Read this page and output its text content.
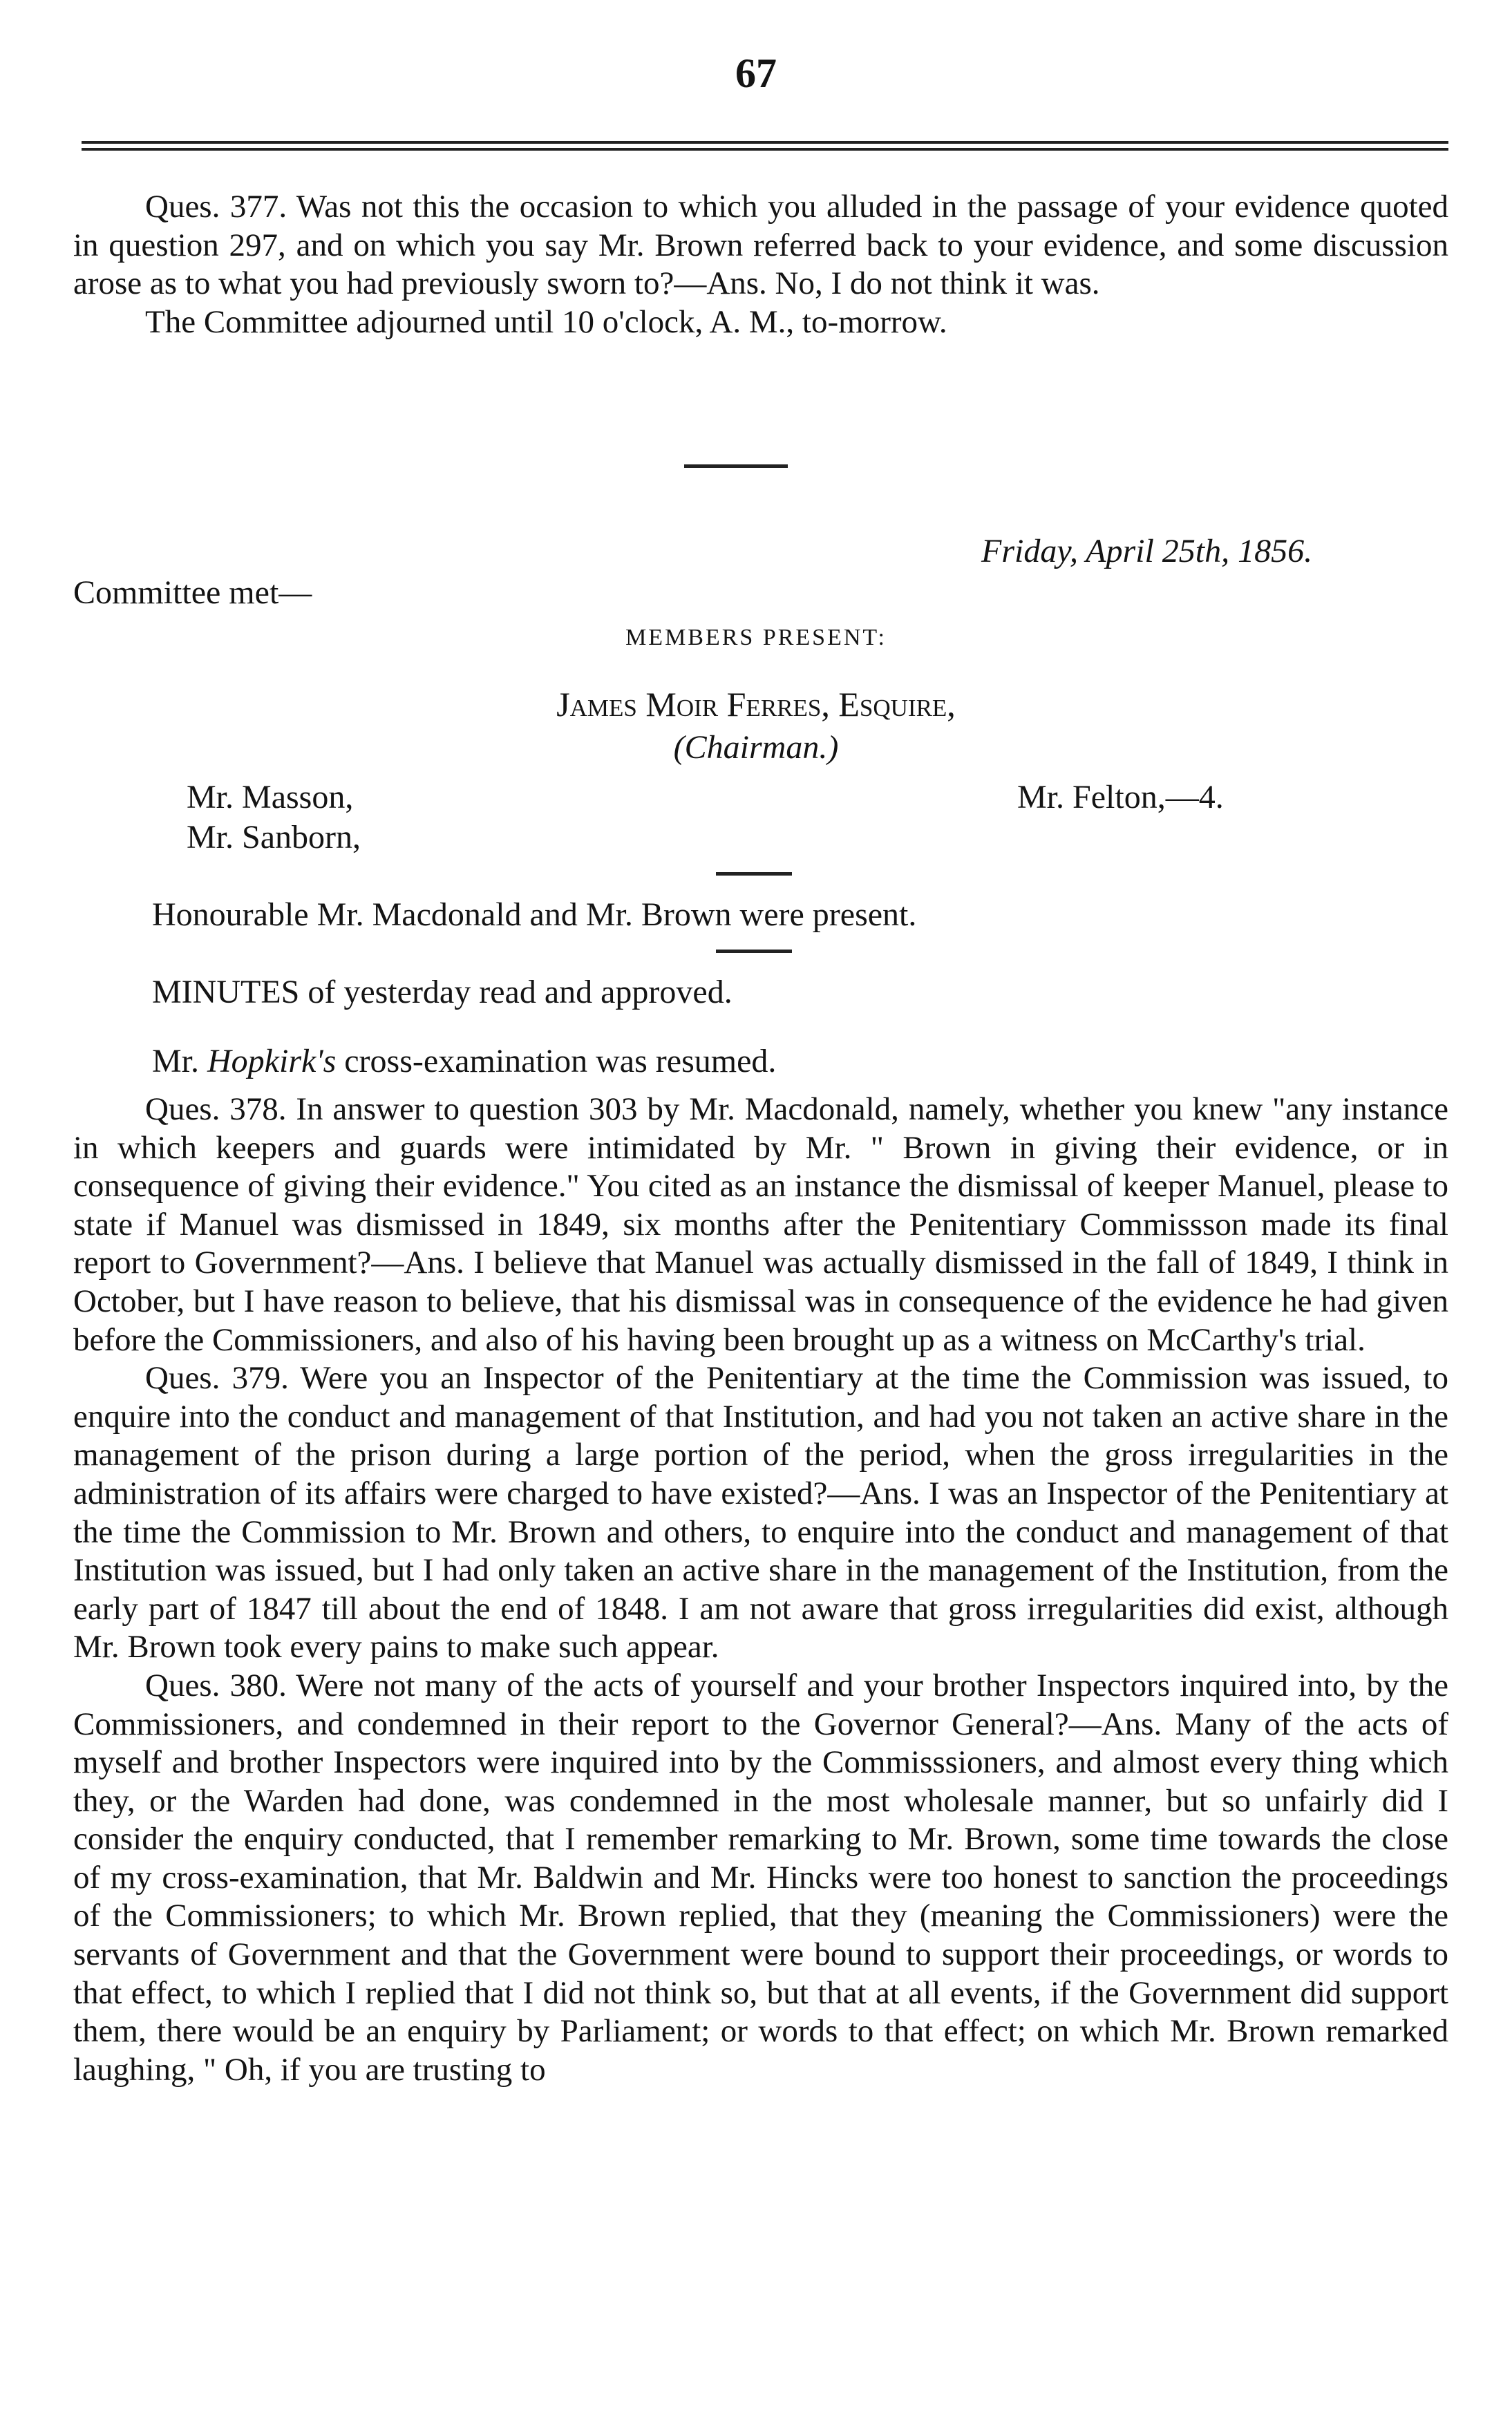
67

Ques. 377. Was not this the occasion to which you alluded in the passage of your evidence quoted in question 297, and on which you say Mr. Brown referred back to your evidence, and some discussion arose as to what you had previously sworn to?—Ans. No, I do not think it was.

The Committee adjourned until 10 o'clock, A. M., to-morrow.

Friday, April 25th, 1856.
Committee met—
MEMBERS PRESENT:
James Moir Ferres, Esquire,
(Chairman.)
Mr. Masson,	Mr. Felton,—4.
Mr. Sanborn,
Honourable Mr. Macdonald and Mr. Brown were present.
MINUTES of yesterday read and approved.
Mr. Hopkirk's cross-examination was resumed.

Ques. 378. In answer to question 303 by Mr. Macdonald, namely, whether you knew "any instance in which keepers and guards were intimidated by Mr. " Brown in giving their evidence, or in consequence of giving their evidence." You cited as an instance the dismissal of keeper Manuel, please to state if Manuel was dismissed in 1849, six months after the Penitentiary Commissson made its final report to Government?—Ans. I believe that Manuel was actually dismissed in the fall of 1849, I think in October, but I have reason to believe, that his dismissal was in consequence of the evidence he had given before the Commissioners, and also of his having been brought up as a witness on McCarthy's trial.

Ques. 379. Were you an Inspector of the Penitentiary at the time the Commission was issued, to enquire into the conduct and management of that Institution, and had you not taken an active share in the management of the prison during a large portion of the period, when the gross irregularities in the administration of its affairs were charged to have existed?—Ans. I was an Inspector of the Penitentiary at the time the Commission to Mr. Brown and others, to enquire into the conduct and management of that Institution was issued, but I had only taken an active share in the management of the Institution, from the early part of 1847 till about the end of 1848. I am not aware that gross irregularities did exist, although Mr. Brown took every pains to make such appear.

Ques. 380. Were not many of the acts of yourself and your brother Inspectors inquired into, by the Commissioners, and condemned in their report to the Governor General?—Ans. Many of the acts of myself and brother Inspectors were inquired into by the Commisssioners, and almost every thing which they, or the Warden had done, was condemned in the most wholesale manner, but so unfairly did I consider the enquiry conducted, that I remember remarking to Mr. Brown, some time towards the close of my cross-examination, that Mr. Baldwin and Mr. Hincks were too honest to sanction the proceedings of the Commissioners; to which Mr. Brown replied, that they (meaning the Commissioners) were the servants of Government and that the Government were bound to support their proceedings, or words to that effect, to which I replied that I did not think so, but that at all events, if the Government did support them, there would be an enquiry by Parliament; or words to that effect; on which Mr. Brown remarked laughing, " Oh, if you are trusting to
